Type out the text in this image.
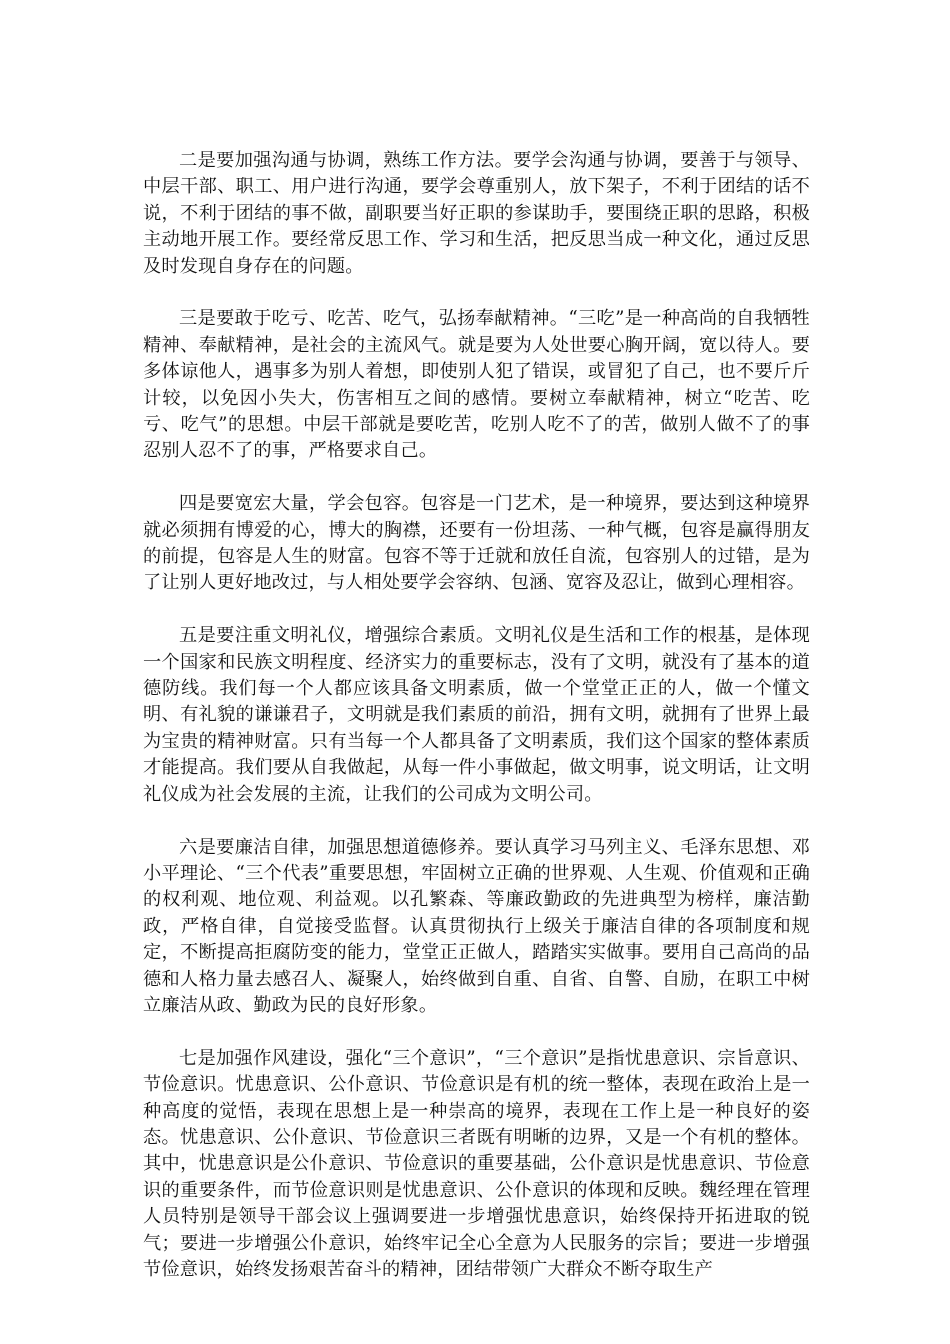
二是要加强沟通与协调，熟练工作方法。要学会沟通与协调，要善于与领导、中层干部、职工、用户进行沟通，要学会尊重别人，放下架子，不利于团结的话不说，不利于团结的事不做，副职要当好正职的参谋助手，要围绕正职的思路，积极主动地开展工作。要经常反思工作、学习和生活，把反思当成一种文化，通过反思及时发现自身存在的问题。

三是要敢于吃亏、吃苦、吃气，弘扬奉献精神。“三吃”是一种高尚的自我牺牲精神、奉献精神，是社会的主流风气。就是要为人处世要心胸开阔，宽以待人。要多体谅他人，遇事多为别人着想，即使别人犯了错误，或冒犯了自己，也不要斤斤计较，以免因小失大，伤害相互之间的感情。要树立奉献精神，树立“吃苦、吃亏、吃气”的思想。中层干部就是要吃苦，吃别人吃不了的苦，做别人做不了的事忍别人忍不了的事，严格要求自己。

四是要宽宏大量，学会包容。包容是一门艺术，是一种境界，要达到这种境界就必须拥有博爱的心，博大的胸襟，还要有一份坦荡、一种气概，包容是赢得朋友的前提，包容是人生的财富。包容不等于迁就和放任自流，包容别人的过错，是为了让别人更好地改过，与人相处要学会容纳、包涵、宽容及忍让，做到心理相容。

五是要注重文明礼仪，增强综合素质。文明礼仪是生活和工作的根基，是体现一个国家和民族文明程度、经济实力的重要标志，没有了文明，就没有了基本的道德防线。我们每一个人都应该具备文明素质，做一个堂堂正正的人，做一个懂文明、有礼貌的谦谦君子，文明就是我们素质的前沿，拥有文明，就拥有了世界上最为宝贵的精神财富。只有当每一个人都具备了文明素质，我们这个国家的整体素质才能提高。我们要从自我做起，从每一件小事做起，做文明事，说文明话，让文明礼仪成为社会发展的主流，让我们的公司成为文明公司。

六是要廉洁自律，加强思想道德修养。要认真学习马列主义、毛泽东思想、邓小平理论、“三个代表”重要思想，牢固树立正确的世界观、人生观、价值观和正确的权利观、地位观、利益观。以孔繁森、等廉政勤政的先进典型为榜样，廉洁勤政，严格自律，自觉接受监督。认真贯彻执行上级关于廉洁自律的各项制度和规定，不断提高拒腐防变的能力，堂堂正正做人，踏踏实实做事。要用自己高尚的品德和人格力量去感召人、凝聚人，始终做到自重、自省、自警、自励，在职工中树立廉洁从政、勤政为民的良好形象。

七是加强作风建设，强化“三个意识”，“三个意识”是指忧患意识、宗旨意识、节俭意识。忧患意识、公仆意识、节俭意识是有机的统一整体，表现在政治上是一种高度的觉悟，表现在思想上是一种崇高的境界，表现在工作上是一种良好的姿态。忧患意识、公仆意识、节俭意识三者既有明晰的边界，又是一个有机的整体。其中，忧患意识是公仆意识、节俭意识的重要基础，公仆意识是忧患意识、节俭意识的重要条件，而节俭意识则是忧患意识、公仆意识的体现和反映。魏经理在管理人员特别是领导干部会议上强调要进一步增强忧患意识，始终保持开拓进取的锐气；要进一步增强公仆意识，始终牢记全心全意为人民服务的宗旨；要进一步增强节俭意识，始终发扬艰苦奋斗的精神，团结带领广大群众不断夺取生产
